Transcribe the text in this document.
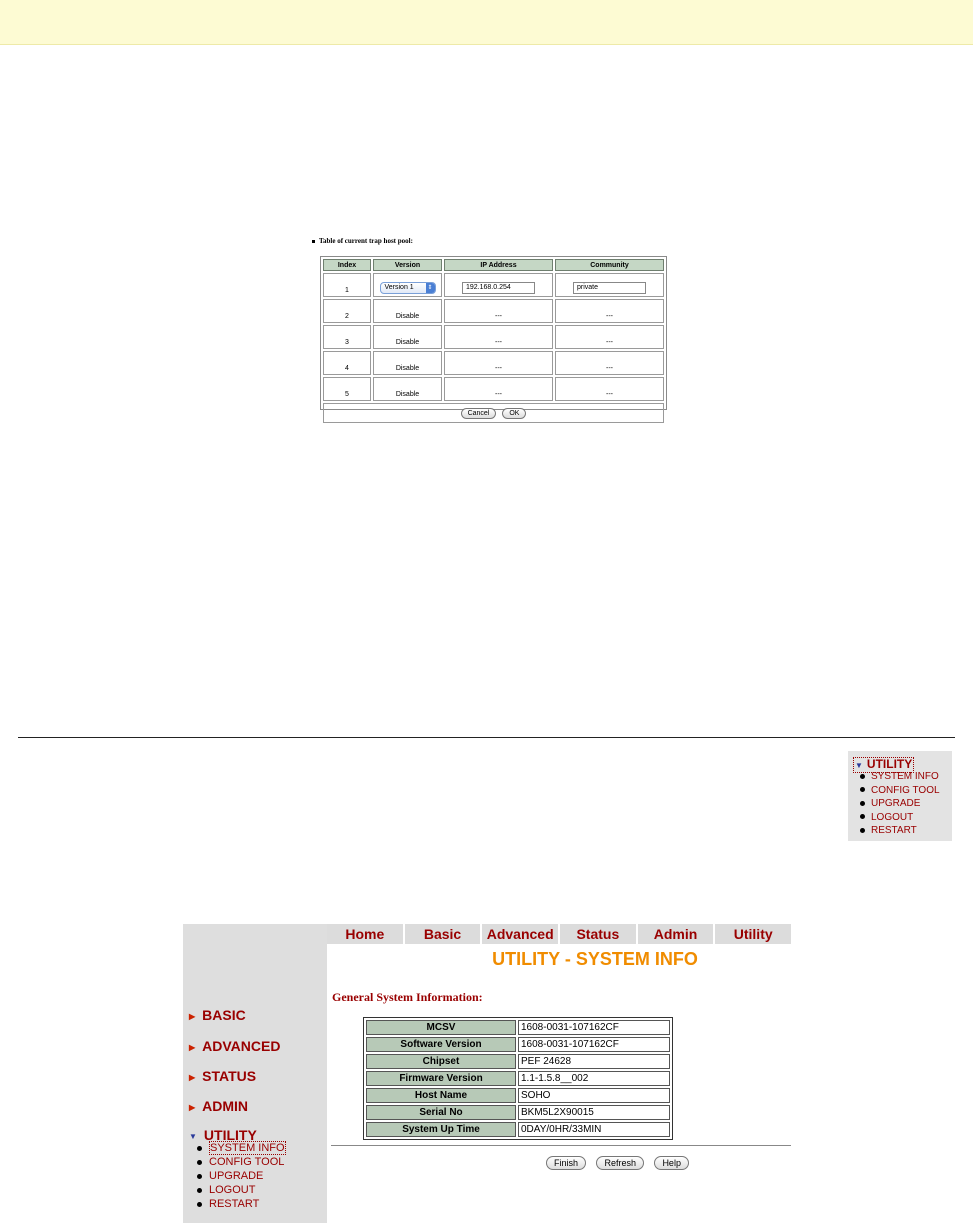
Table of current trap host pool:
Index	Version	IP Address	Community
1	Version 1 ⇕	192.168.0.254	private
2	Disable	---	---
3	Disable	---	---
4	Disable	---	---
5	Disable	---	---
Cancel OK			
▼ UTILITY
SYSTEM INFO
CONFIG TOOL
UPGRADE
LOGOUT
RESTART
▶ BASIC
▶ ADVANCED
▶ STATUS
▶ ADMIN
▼ UTILITY
SYSTEM INFO
CONFIG TOOL
UPGRADE
LOGOUT
RESTART
Home	Basic	Advanced	Status	Admin	Utility
UTILITY - SYSTEM INFO
General System Information:
MCSV	1608-0031-107162CF
Software Version	1608-0031-107162CF
Chipset	PEF 24628
Firmware Version	1.1-1.5.8__002
Host Name	SOHO
Serial No	BKM5L2X90015
System Up Time	0DAY/0HR/33MIN
Finish	Refresh	Help
